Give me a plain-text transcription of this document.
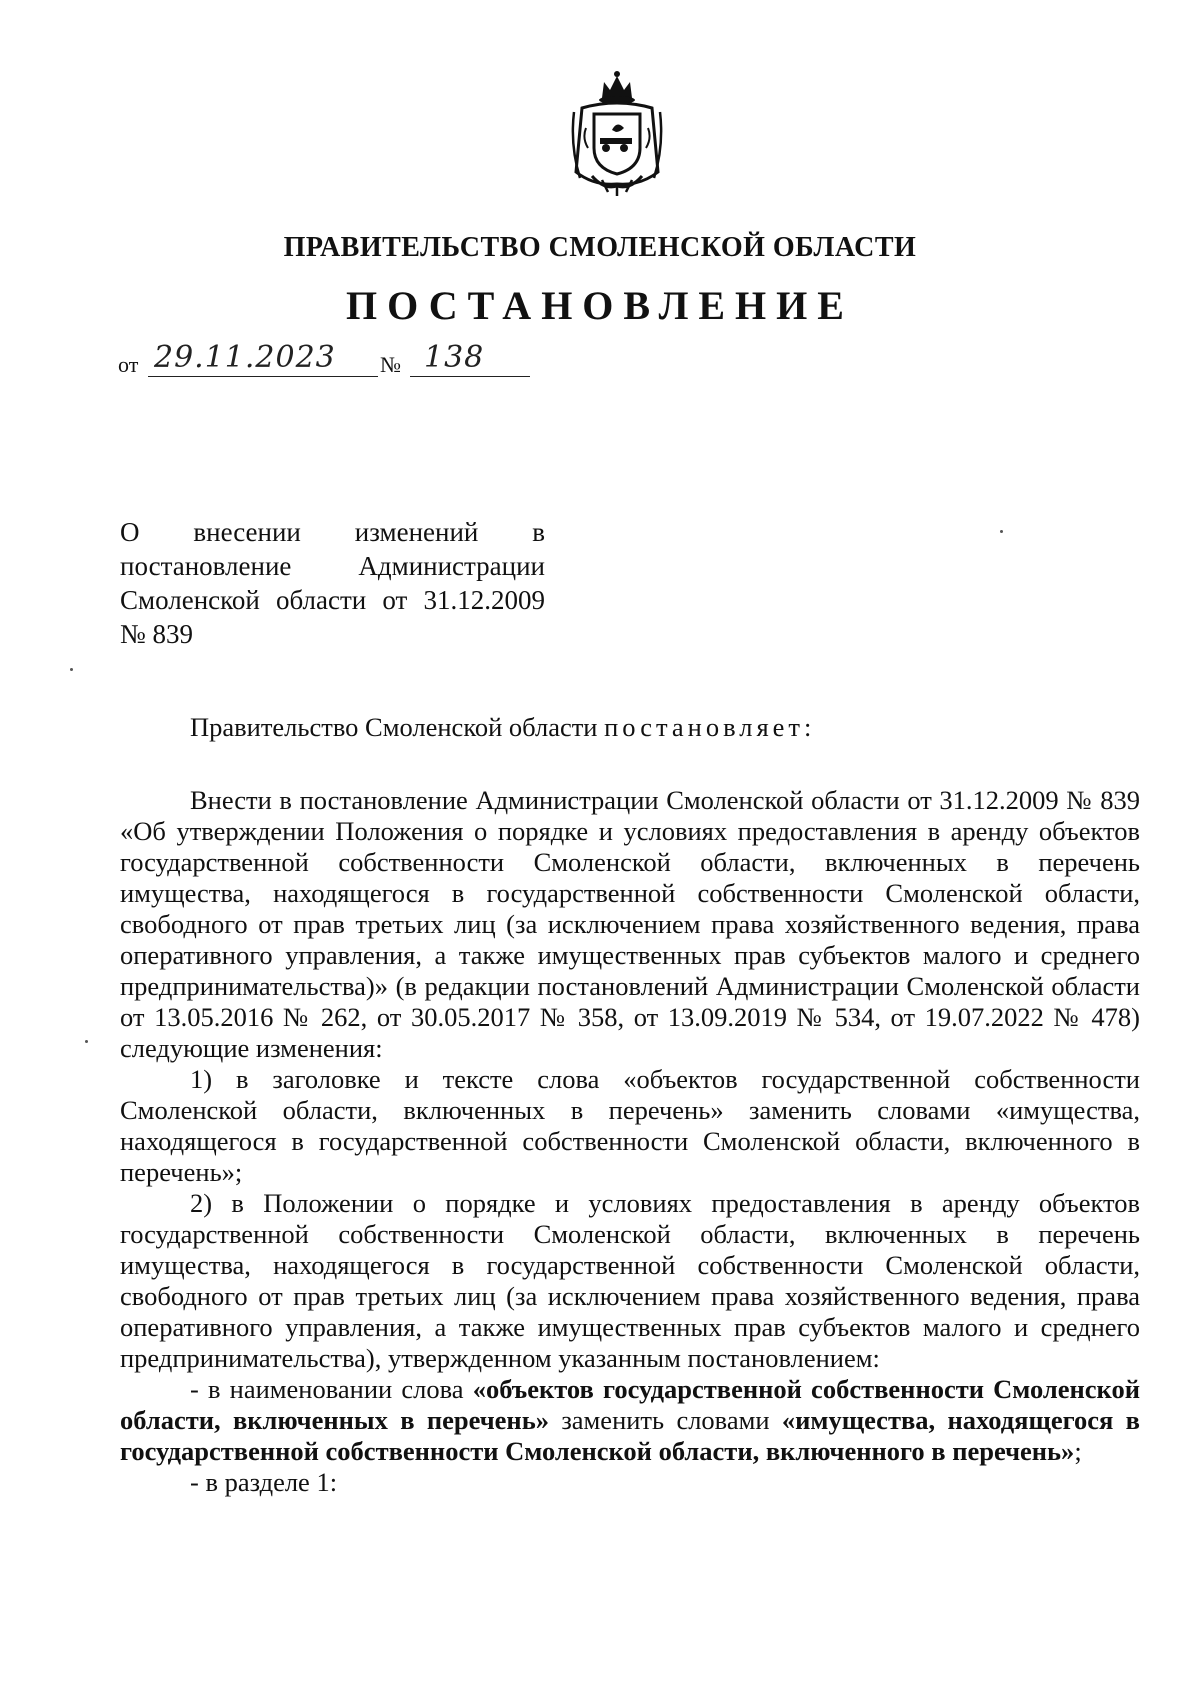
ПРАВИТЕЛЬСТВО СМОЛЕНСКОЙ ОБЛАСТИ
ПОСТАНОВЛЕНИЕ
от 29.11.2023 № 138
О внесении изменений в
постановление Администрации
Смоленской области от 31.12.2009
№ 839

Правительство Смоленской области постановляет:

Внести в постановление Администрации Смоленской области от 31.12.2009 № 839 «Об утверждении Положения о порядке и условиях предоставления в аренду объектов государственной собственности Смоленской области, включенных в перечень имущества, находящегося в государственной собственности Смоленской области, свободного от прав третьих лиц (за исключением права хозяйственного ведения, права оперативного управления, а также имущественных прав субъектов малого и среднего предпринимательства)» (в редакции постановлений Администрации Смоленской области от 13.05.2016 № 262, от 30.05.2017 № 358, от 13.09.2019 № 534, от 19.07.2022 № 478) следующие изменения:

1) в заголовке и тексте слова «объектов государственной собственности Смоленской области, включенных в перечень» заменить словами «имущества, находящегося в государственной собственности Смоленской области, включенного в перечень»;

2) в Положении о порядке и условиях предоставления в аренду объектов государственной собственности Смоленской области, включенных в перечень имущества, находящегося в государственной собственности Смоленской области, свободного от прав третьих лиц (за исключением права хозяйственного ведения, права оперативного управления, а также имущественных прав субъектов малого и среднего предпринимательства), утвержденном указанным постановлением:

- в наименовании слова «объектов государственной собственности Смоленской области, включенных в перечень» заменить словами «имущества, находящегося в государственной собственности Смоленской области, включенного в перечень»;

- в разделе 1:
